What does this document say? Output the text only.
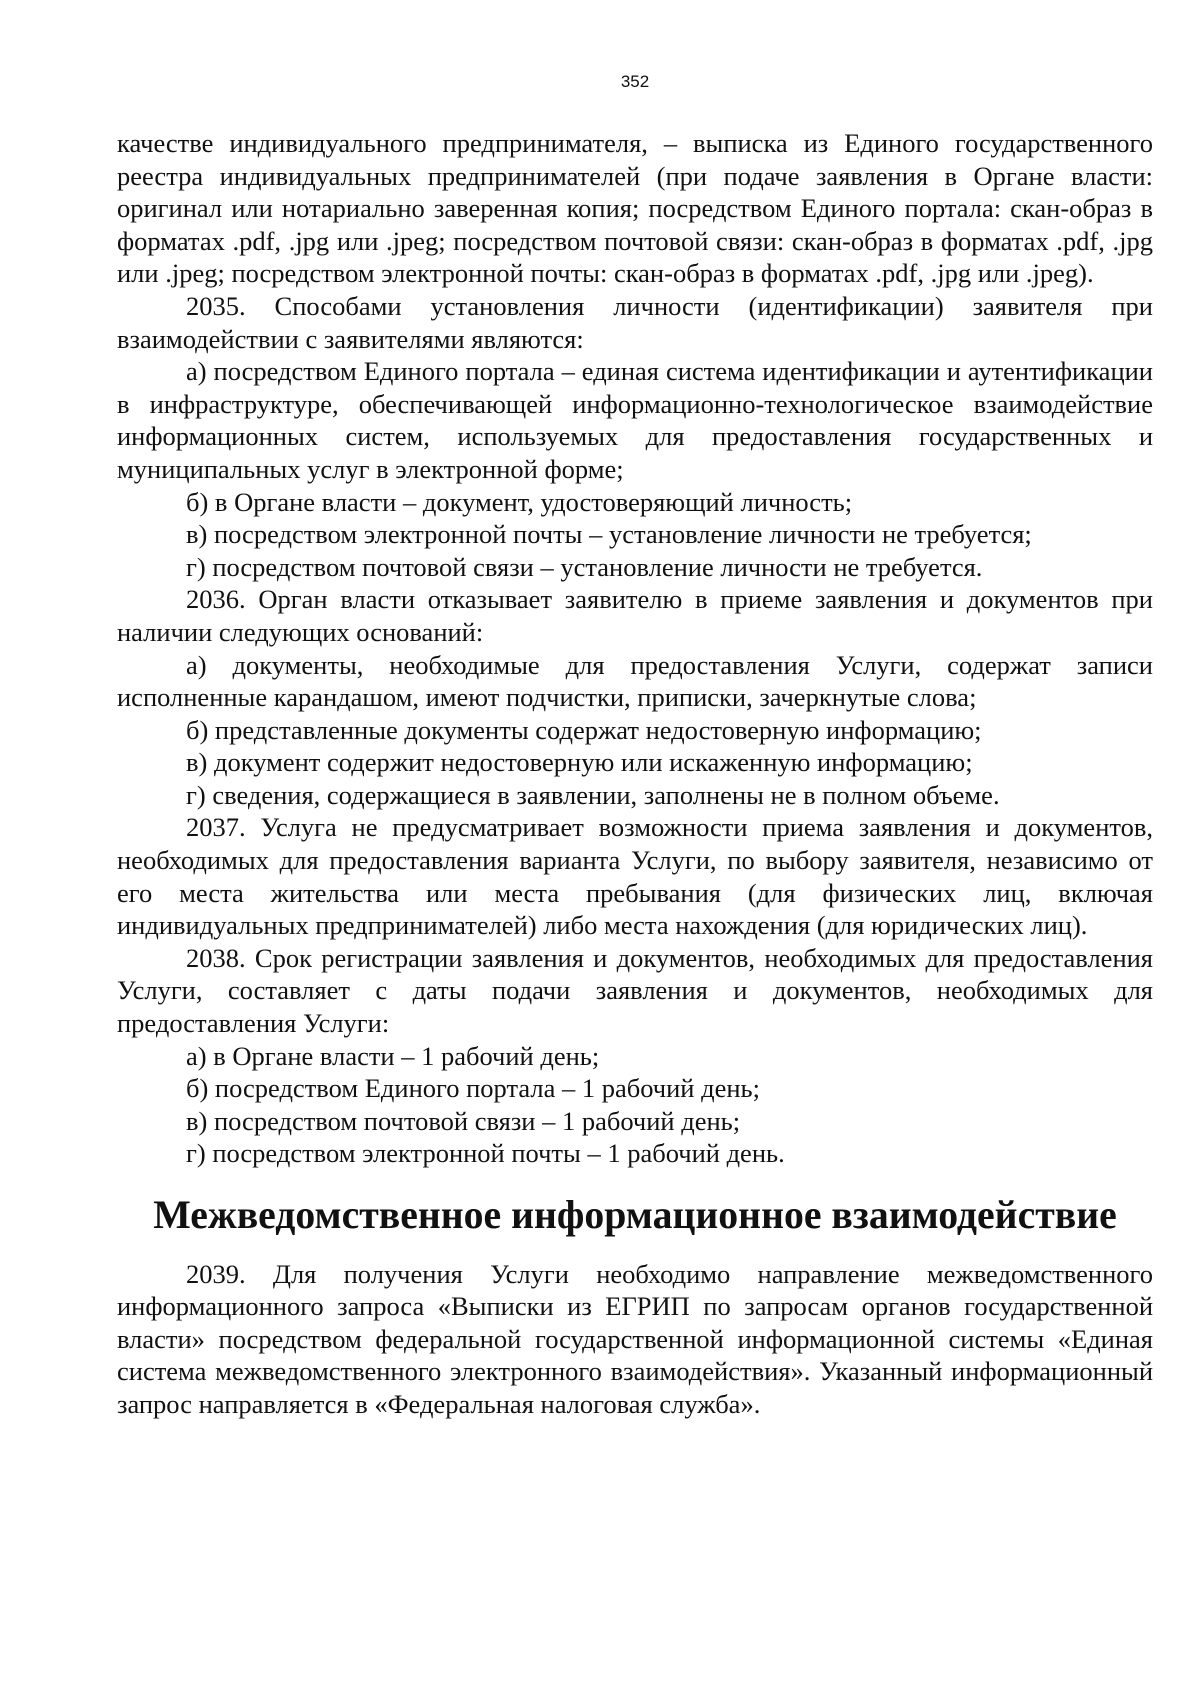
352

качестве индивидуального предпринимателя, – выписка из Единого государственного реестра индивидуальных предпринимателей (при подаче заявления в Органе власти: оригинал или нотариально заверенная копия; посредством Единого портала: скан-образ в форматах .pdf, .jpg или .jpeg; посредством почтовой связи: скан-образ в форматах .pdf, .jpg или .jpeg; посредством электронной почты: скан-образ в форматах .pdf, .jpg или .jpeg).

2035. Способами установления личности (идентификации) заявителя при взаимодействии с заявителями являются:

а) посредством Единого портала – единая система идентификации и аутентификации в инфраструктуре, обеспечивающей информационно-технологическое взаимодействие информационных систем, используемых для предоставления государственных и муниципальных услуг в электронной форме;

б) в Органе власти – документ, удостоверяющий личность;

в) посредством электронной почты – установление личности не требуется;

г) посредством почтовой связи – установление личности не требуется.

2036. Орган власти отказывает заявителю в приеме заявления и документов при наличии следующих оснований:

а) документы, необходимые для предоставления Услуги, содержат записи исполненные карандашом, имеют подчистки, приписки, зачеркнутые слова;

б) представленные документы содержат недостоверную информацию;

в) документ содержит недостоверную или искаженную информацию;

г) сведения, содержащиеся в заявлении, заполнены не в полном объеме.

2037. Услуга не предусматривает возможности приема заявления и документов, необходимых для предоставления варианта Услуги, по выбору заявителя, независимо от его места жительства или места пребывания (для физических лиц, включая индивидуальных предпринимателей) либо места нахождения (для юридических лиц).

2038. Срок регистрации заявления и документов, необходимых для предоставления Услуги, составляет с даты подачи заявления и документов, необходимых для предоставления Услуги:

а) в Органе власти – 1 рабочий день;

б) посредством Единого портала – 1 рабочий день;

в) посредством почтовой связи – 1 рабочий день;

г) посредством электронной почты – 1 рабочий день.

Межведомственное информационное взаимодействие

2039. Для получения Услуги необходимо направление межведомственного информационного запроса «Выписки из ЕГРИП по запросам органов государственной власти» посредством федеральной государственной информационной системы «Единая система межведомственного электронного взаимодействия». Указанный информационный запрос направляется в «Федеральная налоговая служба».
